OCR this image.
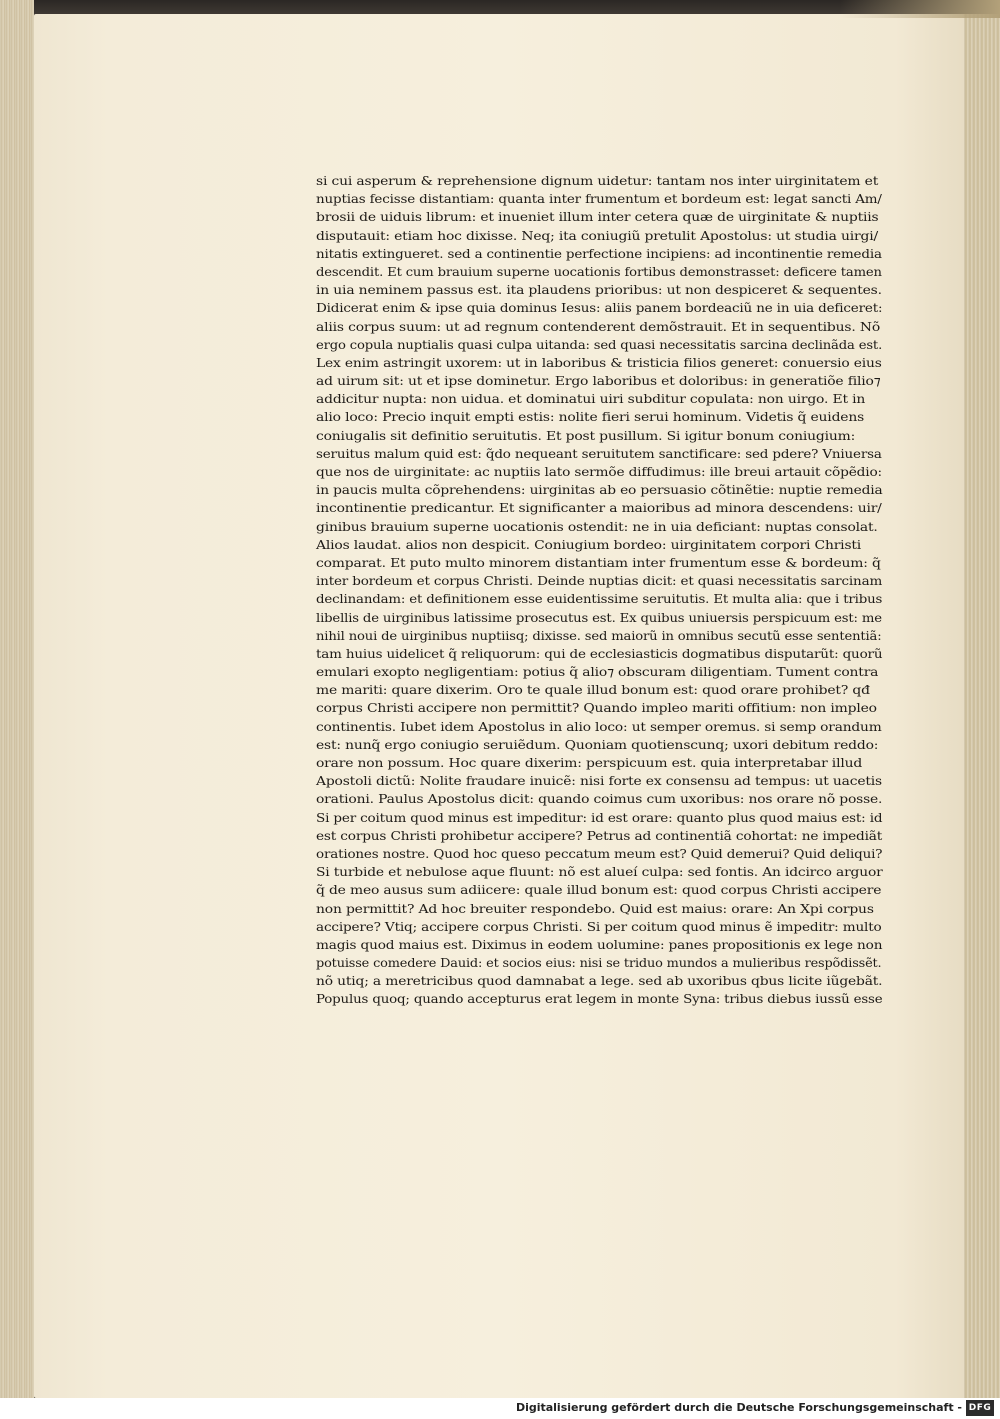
si cui asperum & reprehensione dignum uidetur: tantam nos inter uirginitatem et
nuptias fecisse distantiam: quanta inter frumentum et bordeum est: legat sancti Am/
brosii de uiduis librum: et inueniet illum inter cetera quæ de uirginitate & nuptiis
disputauit: etiam hoc dixisse. Neq; ita coniugiũ pretulit Apostolus: ut studia uirgi/
nitatis extingueret. sed a continentie perfectione incipiens: ad incontinentie remedia
descendit. Et cum brauium superne uocationis fortibus demonstrasset: deficere tamen
in uia neminem passus est. ita plaudens prioribus: ut non despiceret & sequentes.
Didicerat enim & ipse quia dominus Iesus: aliis panem bordeaciũ ne in uia deficeret:
aliis corpus suum: ut ad regnum contenderent demõstrauit. Et in sequentibus. Nõ
ergo copula nuptialis quasi culpa uitanda: sed quasi necessitatis sarcina declinãda est.
Lex enim astringit uxorem: ut in laboribus & tristicia filios generet: conuersio eius
ad uirum sit: ut et ipse dominetur. Ergo laboribus et doloribus: in generatiõe filio⁊
addicitur nupta: non uidua. et dominatui uiri subditur copulata: non uirgo. Et in
alio loco: Precio inquit empti estis: nolite fieri serui hominum. Videtis q̃ euidens
coniugalis sit definitio seruitutis. Et post pusillum. Si igitur bonum coniugium:
seruitus malum quid est: q̃do nequeant seruitutem sanctificare: sed pdere? Vniuersa
que nos de uirginitate: ac nuptiis lato sermõe diffudimus: ille breui artauit cõpẽdio:
in paucis multa cõprehendens: uirginitas ab eo persuasio cõtinẽtie: nuptie remedia
incontinentie predicantur. Et significanter a maioribus ad minora descendens: uir/
ginibus brauium superne uocationis ostendit: ne in uia deficiant: nuptas consolat.
Alios laudat. alios non despicit. Coniugium bordeo: uirginitatem corpori Christi
comparat. Et puto multo minorem distantiam inter frumentum esse & bordeum: q̃
inter bordeum et corpus Christi. Deinde nuptias dicit: et quasi necessitatis sarcinam
declinandam: et definitionem esse euidentissime seruitutis. Et multa alia: que i tribus
libellis de uirginibus latissime prosecutus est. Ex quibus uniuersis perspicuum est: me
nihil noui de uirginibus nuptiisq; dixisse. sed maiorũ in omnibus secutũ esse sententiã:
tam huius uidelicet q̃ reliquorum: qui de ecclesiasticis dogmatibus disputarũt: quorũ
emulari exopto negligentiam: potius q̃ alio⁊ obscuram diligentiam. Tument contra
me mariti: quare dixerim. Oro te quale illud bonum est: quod orare prohibet? qđ
corpus Christi accipere non permittit? Quando impleo mariti offitium: non impleo
continentis. Iubet idem Apostolus in alio loco: ut semper oremus. si semp orandum
est: nunq̃ ergo coniugio seruiẽdum. Quoniam quotienscunq; uxori debitum reddo:
orare non possum. Hoc quare dixerim: perspicuum est. quia interpretabar illud
Apostoli dictũ: Nolite fraudare inuicẽ: nisi forte ex consensu ad tempus: ut uacetis
orationi. Paulus Apostolus dicit: quando coimus cum uxoribus: nos orare nõ posse.
Si per coitum quod minus est impeditur: id est orare: quanto plus quod maius est: id
est corpus Christi prohibetur accipere? Petrus ad continentiã cohortat: ne impediãt
orationes nostre. Quod hoc queso peccatum meum est? Quid demerui? Quid deliqui?
Si turbide et nebulose aque fluunt: nõ est alueí culpa: sed fontis. An idcirco arguor
q̃ de meo ausus sum adiicere: quale illud bonum est: quod corpus Christi accipere
non permittit? Ad hoc breuiter respondebo. Quid est maius: orare: An Xpi corpus
accipere? Vtiq; accipere corpus Christi. Si per coitum quod minus ẽ impeditr: multo
magis quod maius est. Diximus in eodem uolumine: panes propositionis ex lege non
potuisse comedere Dauid: et socios eius: nisi se triduo mundos a mulieribus respõdissẽt.
nõ utiq; a meretricibus quod damnabat a lege. sed ab uxoribus qbus licite iũgebãt.
Populus quoq; quando accepturus erat legem in monte Syna: tribus diebus iussũ esse
Digitalisierung gefördert durch die Deutsche Forschungsgemeinschaft - DFG
